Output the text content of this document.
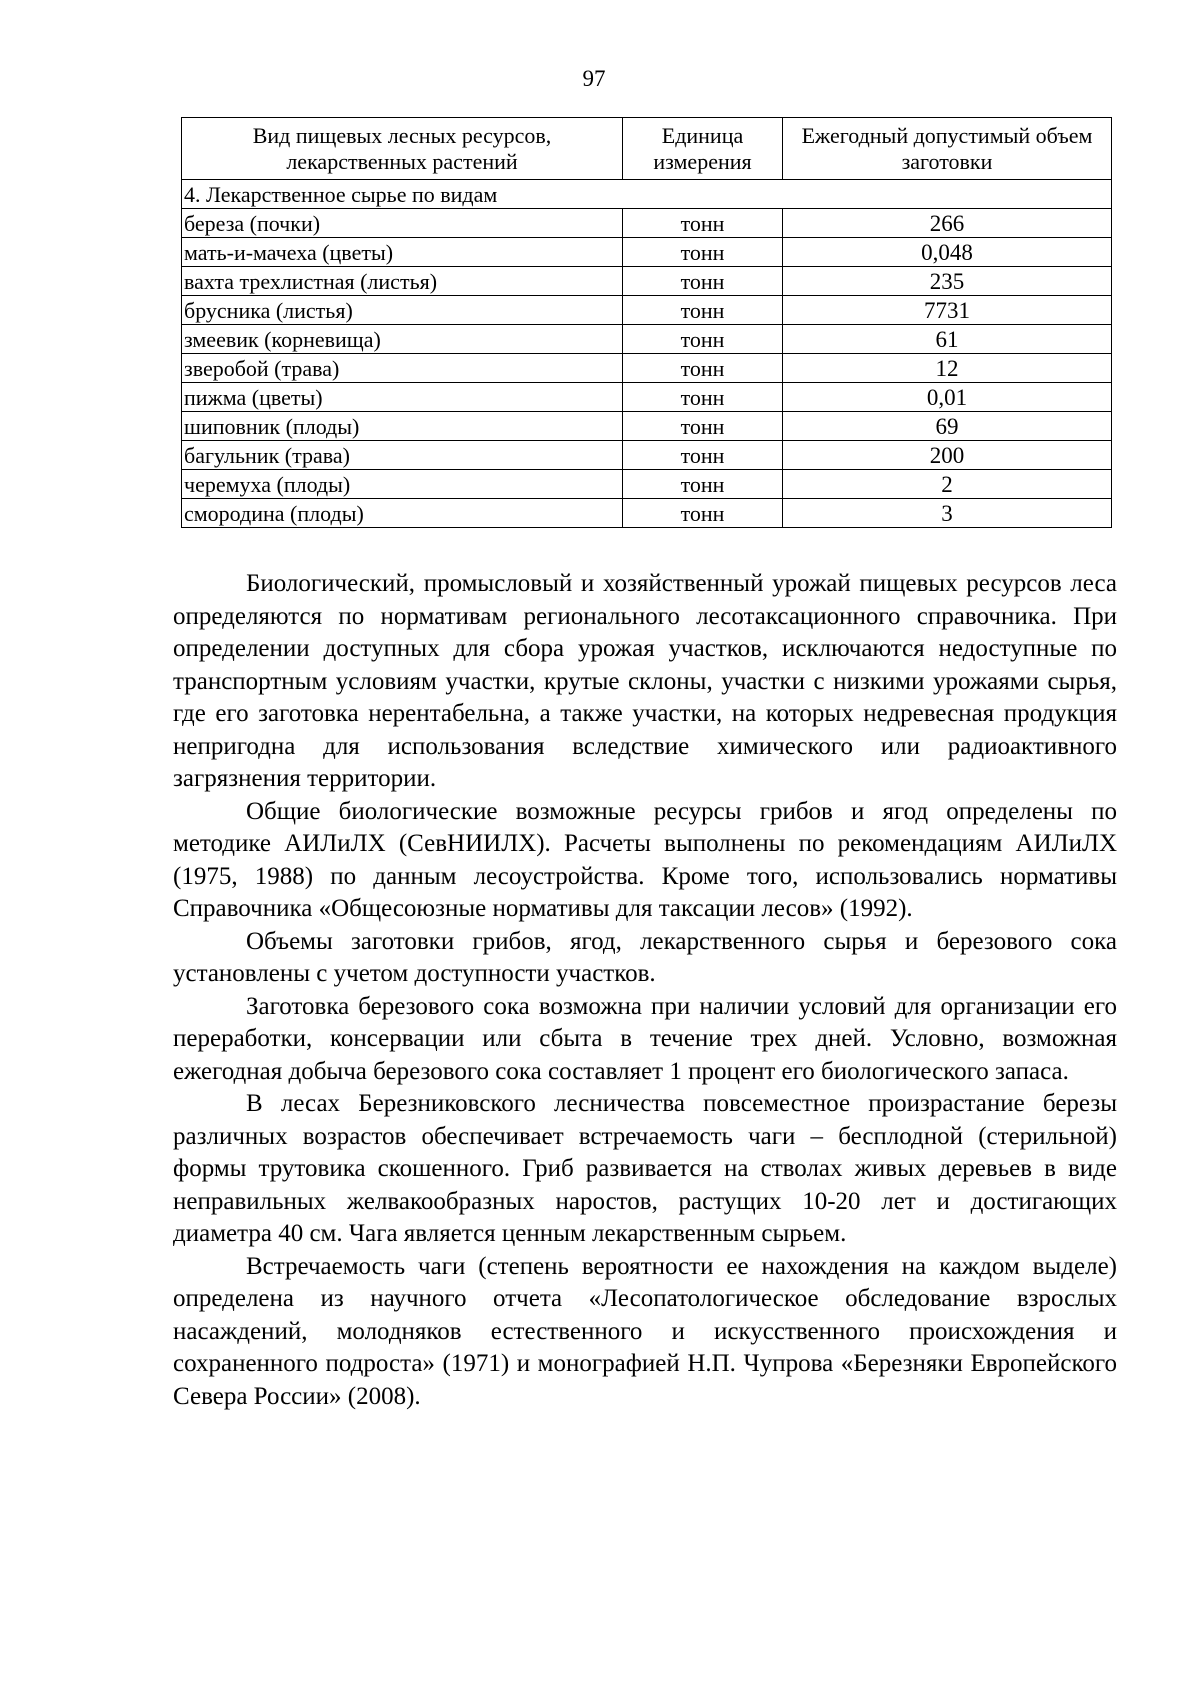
97
Вид пищевых лесных ресурсов, лекарственных растений	Единица измерения	Ежегодный допустимый объем заготовки
4. Лекарственное сырье по видам		
береза (почки)	тонн	266
мать-и-мачеха (цветы)	тонн	0,048
вахта трехлистная (листья)	тонн	235
брусника (листья)	тонн	7731
змеевик (корневища)	тонн	61
зверобой (трава)	тонн	12
пижма (цветы)	тонн	0,01
шиповник (плоды)	тонн	69
багульник (трава)	тонн	200
черемуха (плоды)	тонн	2
смородина (плоды)	тонн	3

Биологический, промысловый и хозяйственный урожай пищевых ресурсов леса определяются по нормативам регионального лесотаксационного справочника. При определении доступных для сбора урожая участков, исключаются недоступные по транспортным условиям участки, крутые склоны, участки с низкими урожаями сырья, где его заготовка нерентабельна, а также участки, на которых недревесная продукция непригодна для использования вследствие химического или радиоактивного загрязнения территории.

Общие биологические возможные ресурсы грибов и ягод определены по методике АИЛиЛХ (СевНИИЛХ). Расчеты выполнены по рекомендациям АИЛиЛХ (1975, 1988) по данным лесоустройства. Кроме того, использовались нормативы Справочника «Общесоюзные нормативы для таксации лесов» (1992).

Объемы заготовки грибов, ягод, лекарственного сырья и березового сока установлены с учетом доступности участков.

Заготовка березового сока возможна при наличии условий для организации его переработки, консервации или сбыта в течение трех дней. Условно, возможная ежегодная добыча березового сока составляет 1 процент его биологического запаса.

В лесах Березниковского лесничества повсеместное произрастание березы различных возрастов обеспечивает встречаемость чаги – бесплодной (стерильной) формы трутовика скошенного. Гриб развивается на стволах живых деревьев в виде неправильных желвакообразных наростов, растущих 10-20 лет и достигающих диаметра 40 см. Чага является ценным лекарственным сырьем.

Встречаемость чаги (степень вероятности ее нахождения на каждом выделе) определена из научного отчета «Лесопатологическое обследование взрослых насаждений, молодняков естественного и искусственного происхождения и сохраненного подроста» (1971) и монографией Н.П. Чупрова «Березняки Европейского Севера России» (2008).
